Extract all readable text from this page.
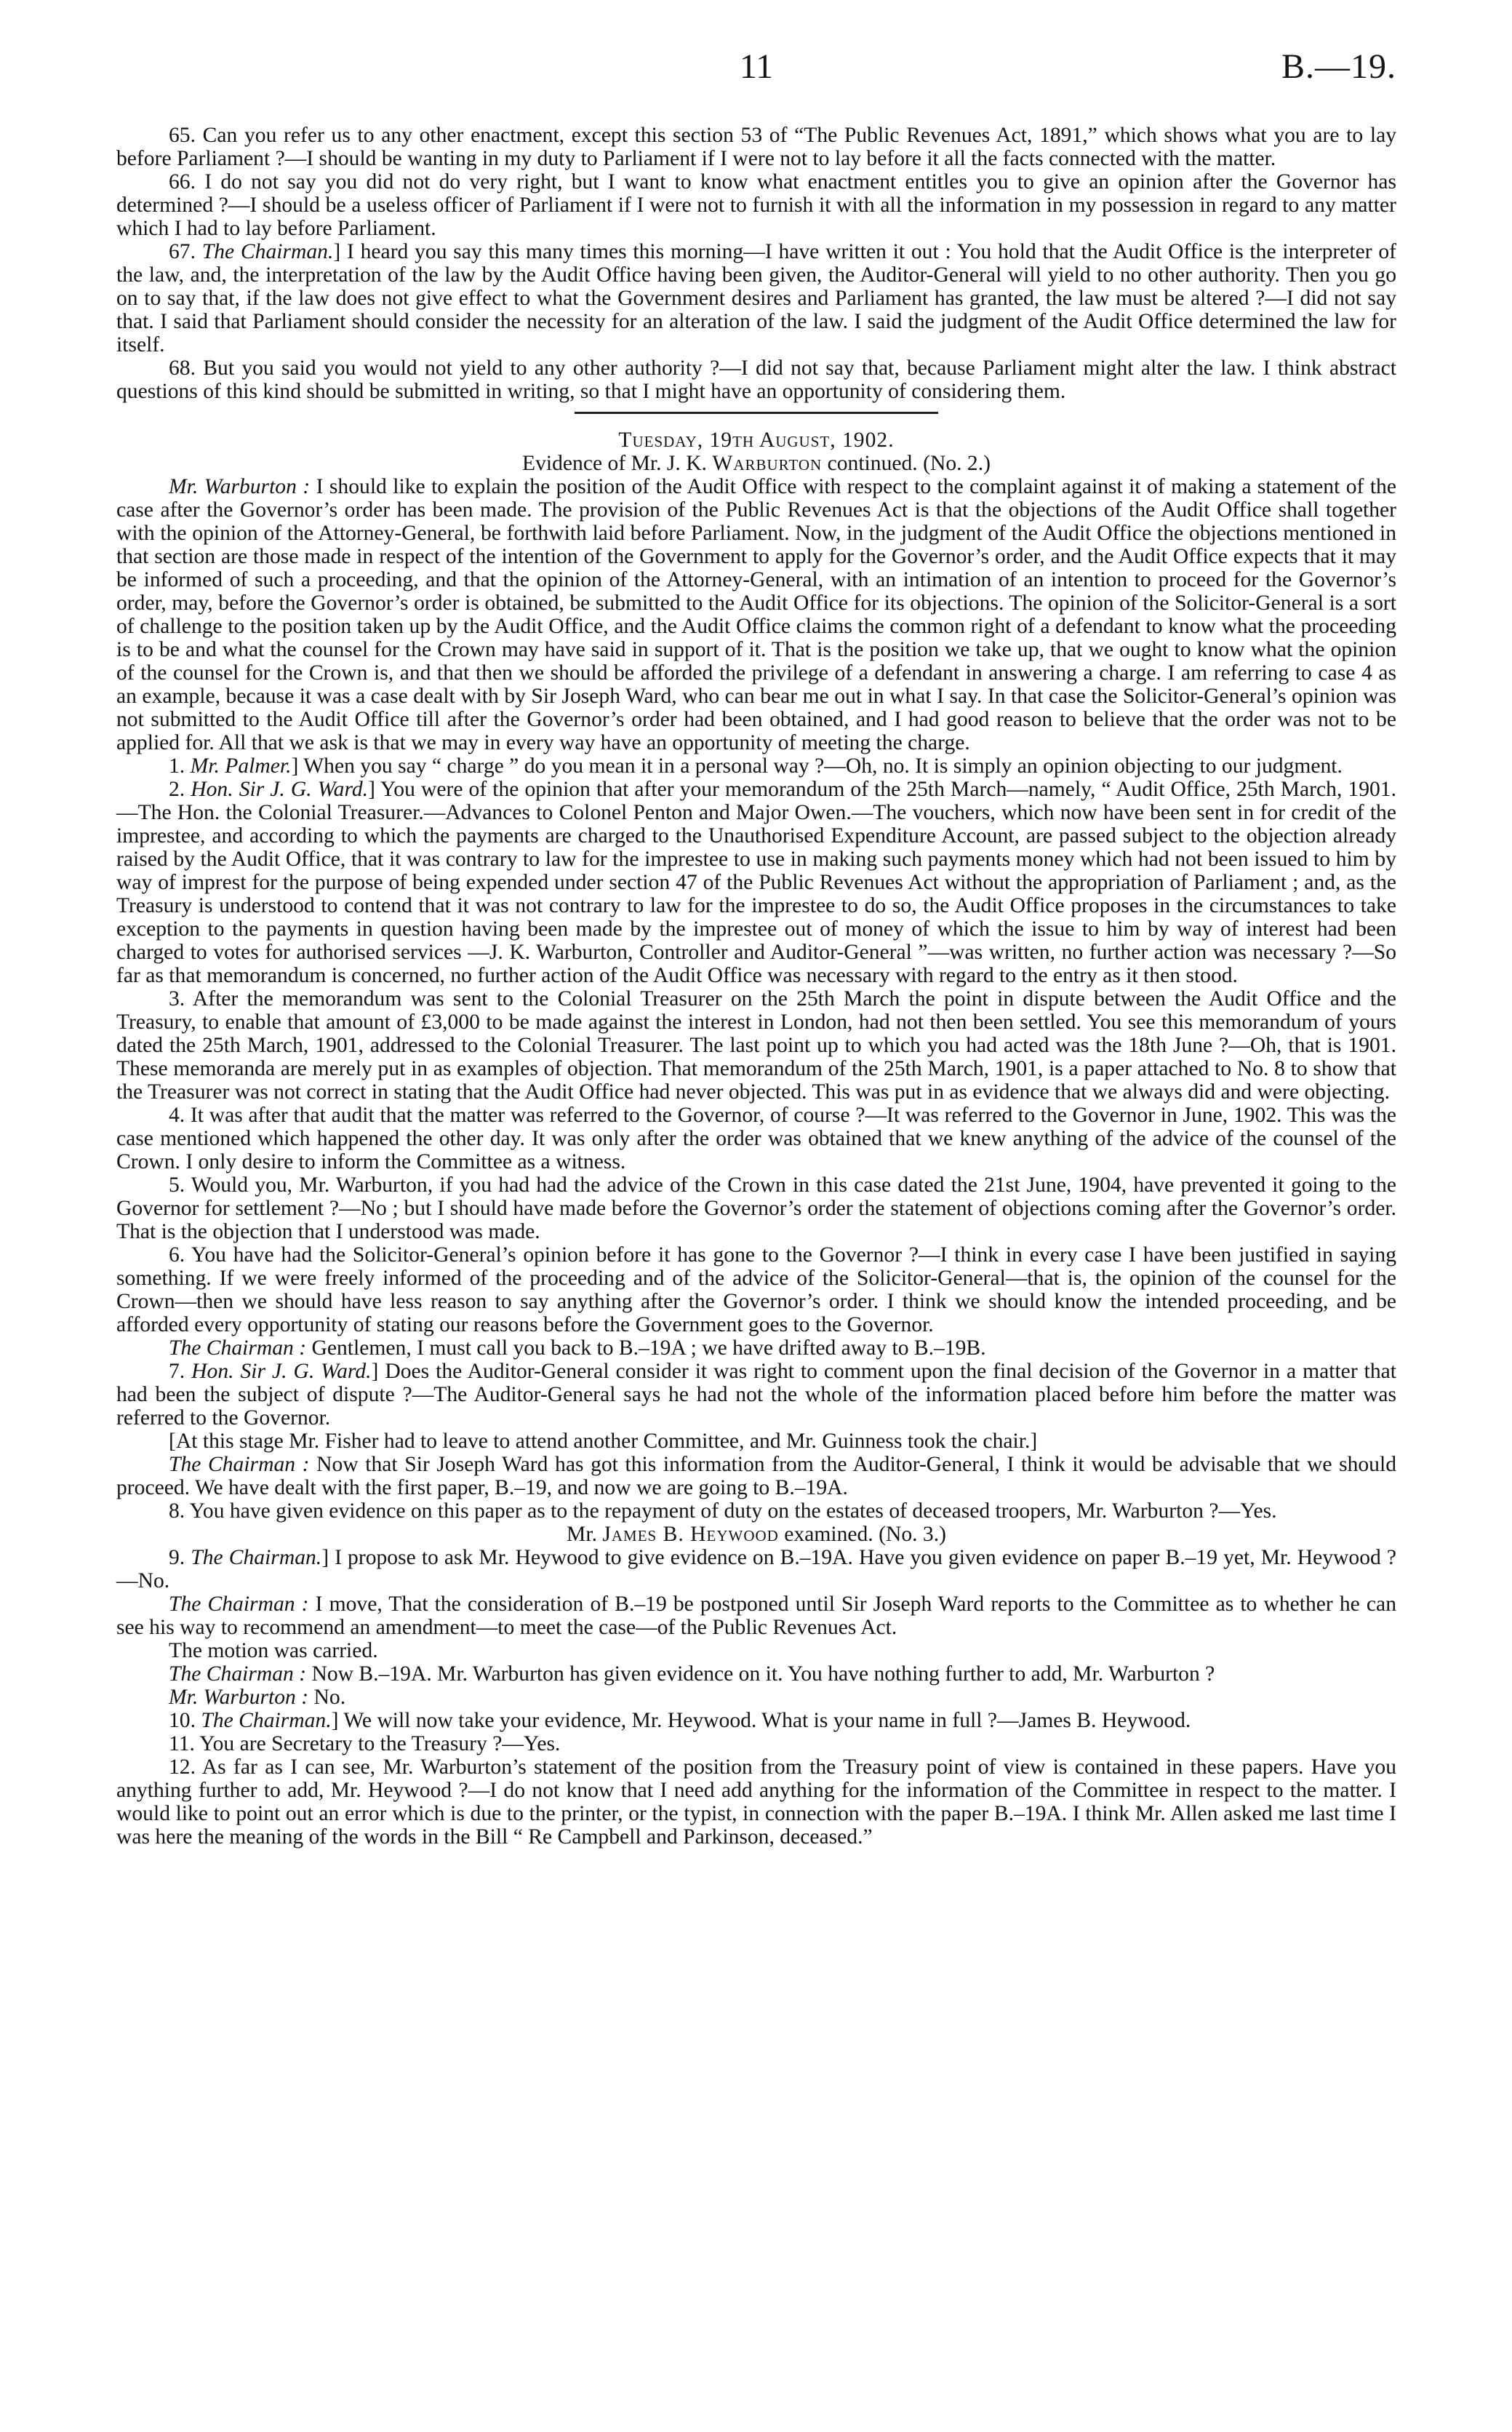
11	B.—19.

65. Can you refer us to any other enactment, except this section 53 of “The Public Revenues Act, 1891,” which shows what you are to lay before Parliament ?—I should be wanting in my duty to Parliament if I were not to lay before it all the facts connected with the matter.

66. I do not say you did not do very right, but I want to know what enactment entitles you to give an opinion after the Governor has determined ?—I should be a useless officer of Parliament if I were not to furnish it with all the information in my possession in regard to any matter which I had to lay before Parliament.

67. The Chairman.] I heard you say this many times this morning—I have written it out : You hold that the Audit Office is the interpreter of the law, and, the interpretation of the law by the Audit Office having been given, the Auditor-General will yield to no other authority. Then you go on to say that, if the law does not give effect to what the Government desires and Parliament has granted, the law must be altered ?—I did not say that. I said that Parliament should consider the necessity for an alteration of the law. I said the judgment of the Audit Office determined the law for itself.

68. But you said you would not yield to any other authority ?—I did not say that, because Parliament might alter the law. I think abstract questions of this kind should be submitted in writing, so that I might have an opportunity of considering them.

Tuesday, 19th August, 1902.

Evidence of Mr. J. K. Warburton continued. (No. 2.)

Mr. Warburton : I should like to explain the position of the Audit Office with respect to the complaint against it of making a statement of the case after the Governor’s order has been made. The provision of the Public Revenues Act is that the objections of the Audit Office shall together with the opinion of the Attorney-General, be forthwith laid before Parliament. Now, in the judgment of the Audit Office the objections mentioned in that section are those made in respect of the intention of the Government to apply for the Governor’s order, and the Audit Office expects that it may be informed of such a proceeding, and that the opinion of the Attorney-General, with an intimation of an intention to proceed for the Governor’s order, may, before the Governor’s order is obtained, be submitted to the Audit Office for its objections. The opinion of the Solicitor-General is a sort of challenge to the position taken up by the Audit Office, and the Audit Office claims the common right of a defendant to know what the proceeding is to be and what the counsel for the Crown may have said in support of it. That is the position we take up, that we ought to know what the opinion of the counsel for the Crown is, and that then we should be afforded the privilege of a defendant in answering a charge. I am referring to case 4 as an example, because it was a case dealt with by Sir Joseph Ward, who can bear me out in what I say. In that case the Solicitor-General’s opinion was not submitted to the Audit Office till after the Governor’s order had been obtained, and I had good reason to believe that the order was not to be applied for. All that we ask is that we may in every way have an opportunity of meeting the charge.

1. Mr. Palmer.] When you say “ charge ” do you mean it in a personal way ?—Oh, no. It is simply an opinion objecting to our judgment.

2. Hon. Sir J. G. Ward.] You were of the opinion that after your memorandum of the 25th March—namely, “ Audit Office, 25th March, 1901.—The Hon. the Colonial Treasurer.—Advances to Colonel Penton and Major Owen.—The vouchers, which now have been sent in for credit of the imprestee, and according to which the payments are charged to the Unauthorised Expenditure Account, are passed subject to the objection already raised by the Audit Office, that it was contrary to law for the imprestee to use in making such payments money which had not been issued to him by way of imprest for the purpose of being expended under section 47 of the Public Revenues Act without the appropriation of Parliament ; and, as the Treasury is understood to contend that it was not contrary to law for the imprestee to do so, the Audit Office proposes in the circumstances to take exception to the payments in question having been made by the imprestee out of money of which the issue to him by way of interest had been charged to votes for authorised services —J. K. Warburton, Controller and Auditor-General ”—was written, no further action was necessary ?—So far as that memorandum is concerned, no further action of the Audit Office was necessary with regard to the entry as it then stood.

3. After the memorandum was sent to the Colonial Treasurer on the 25th March the point in dispute between the Audit Office and the Treasury, to enable that amount of £3,000 to be made against the interest in London, had not then been settled. You see this memorandum of yours dated the 25th March, 1901, addressed to the Colonial Treasurer. The last point up to which you had acted was the 18th June ?—Oh, that is 1901. These memoranda are merely put in as examples of objection. That memorandum of the 25th March, 1901, is a paper attached to No. 8 to show that the Treasurer was not correct in stating that the Audit Office had never objected. This was put in as evidence that we always did and were objecting.

4. It was after that audit that the matter was referred to the Governor, of course ?—It was referred to the Governor in June, 1902. This was the case mentioned which happened the other day. It was only after the order was obtained that we knew anything of the advice of the counsel of the Crown. I only desire to inform the Committee as a witness.

5. Would you, Mr. Warburton, if you had had the advice of the Crown in this case dated the 21st June, 1904, have prevented it going to the Governor for settlement ?—No ; but I should have made before the Governor’s order the statement of objections coming after the Governor’s order. That is the objection that I understood was made.

6. You have had the Solicitor-General’s opinion before it has gone to the Governor ?—I think in every case I have been justified in saying something. If we were freely informed of the proceeding and of the advice of the Solicitor-General—that is, the opinion of the counsel for the Crown—then we should have less reason to say anything after the Governor’s order. I think we should know the intended proceeding, and be afforded every opportunity of stating our reasons before the Government goes to the Governor.

The Chairman : Gentlemen, I must call you back to B.–19A ; we have drifted away to B.–19B.

7. Hon. Sir J. G. Ward.] Does the Auditor-General consider it was right to comment upon the final decision of the Governor in a matter that had been the subject of dispute ?—The Auditor-General says he had not the whole of the information placed before him before the matter was referred to the Governor.

[At this stage Mr. Fisher had to leave to attend another Committee, and Mr. Guinness took the chair.]

The Chairman : Now that Sir Joseph Ward has got this information from the Auditor-General, I think it would be advisable that we should proceed. We have dealt with the first paper, B.–19, and now we are going to B.–19A.

8. You have given evidence on this paper as to the repayment of duty on the estates of deceased troopers, Mr. Warburton ?—Yes.

Mr. James B. Heywood examined. (No. 3.)

9. The Chairman.] I propose to ask Mr. Heywood to give evidence on B.–19A. Have you given evidence on paper B.–19 yet, Mr. Heywood ?—No.

The Chairman : I move, That the consideration of B.–19 be postponed until Sir Joseph Ward reports to the Committee as to whether he can see his way to recommend an amendment—to meet the case—of the Public Revenues Act.

The motion was carried.

The Chairman : Now B.–19A. Mr. Warburton has given evidence on it. You have nothing further to add, Mr. Warburton ?

Mr. Warburton : No.

10. The Chairman.] We will now take your evidence, Mr. Heywood. What is your name in full ?—James B. Heywood.

11. You are Secretary to the Treasury ?—Yes.

12. As far as I can see, Mr. Warburton’s statement of the position from the Treasury point of view is contained in these papers. Have you anything further to add, Mr. Heywood ?—I do not know that I need add anything for the information of the Committee in respect to the matter. I would like to point out an error which is due to the printer, or the typist, in connection with the paper B.–19A. I think Mr. Allen asked me last time I was here the meaning of the words in the Bill “ Re Campbell and Parkinson, deceased.”
